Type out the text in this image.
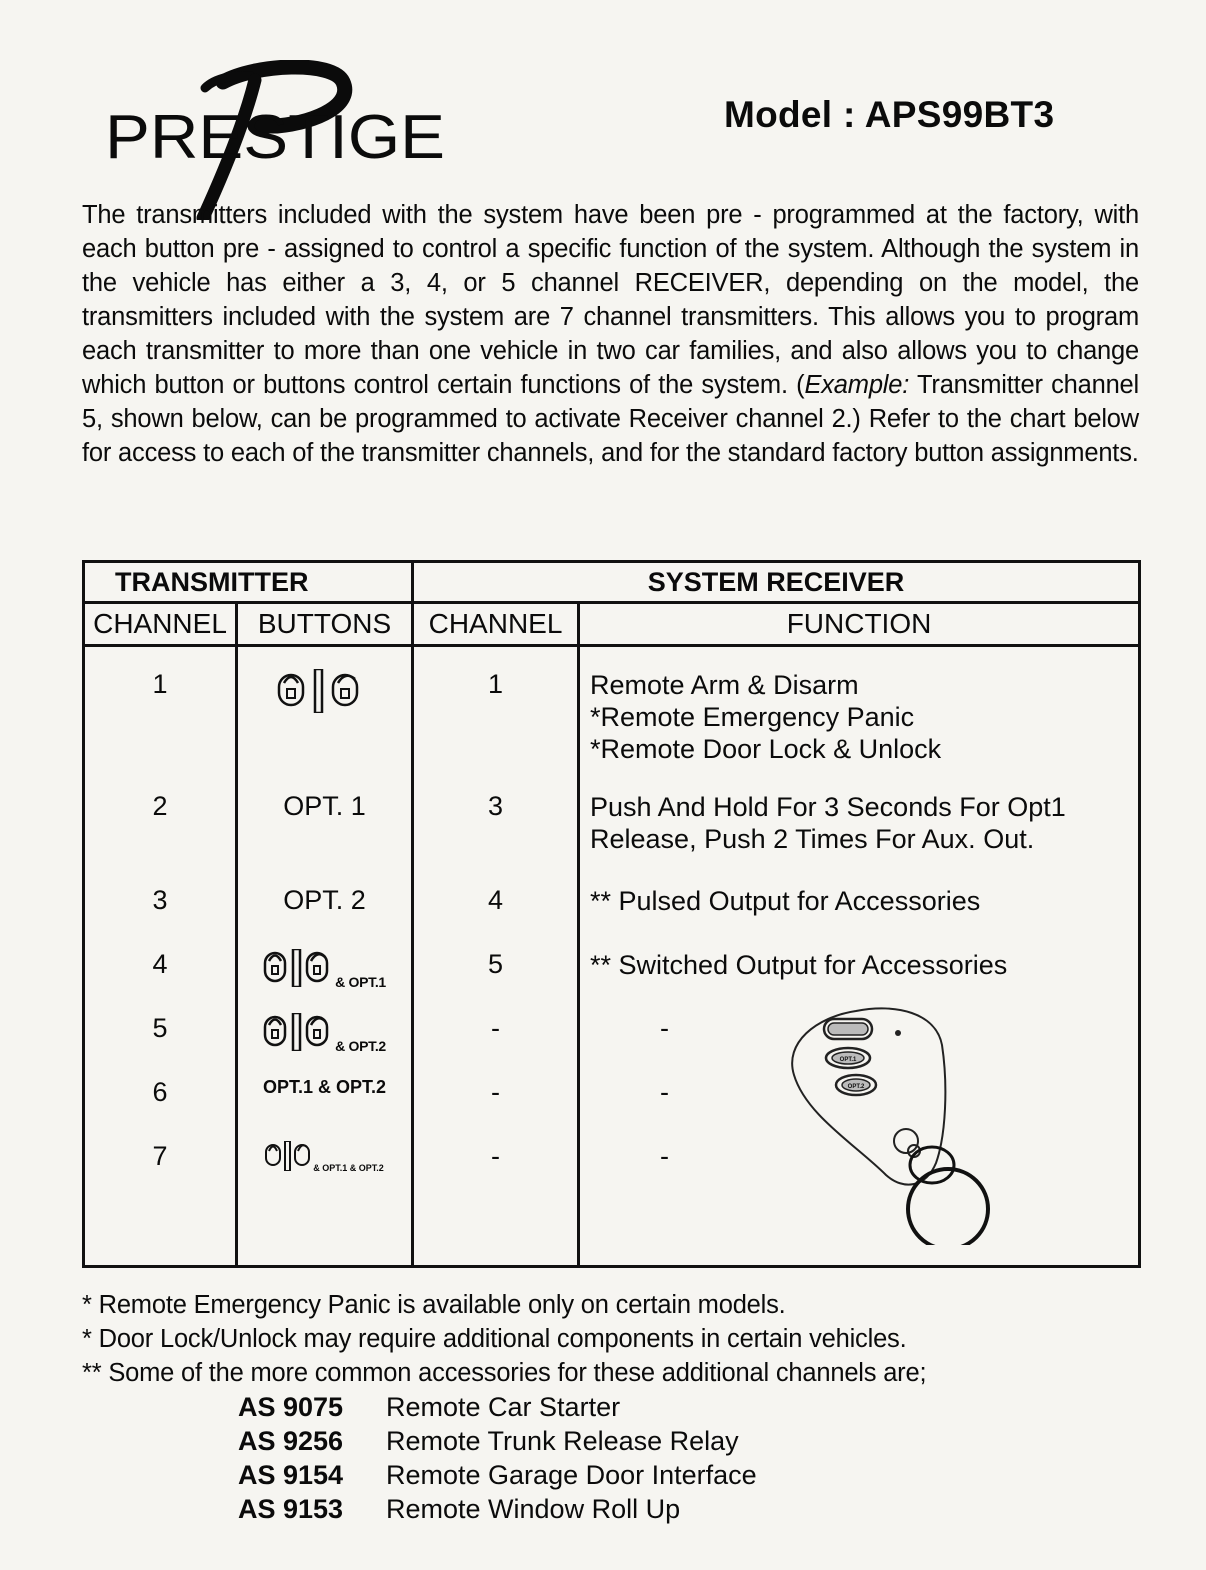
PRESTIGE	Model : APS99BT3
The transmitters included with the system have been pre - programmed at the factory, with each button pre - assigned to control a specific function of the system. Although the system in the vehicle has either a 3, 4, or 5 channel RECEIVER, depending on the model, the transmitters included with the system are 7 channel transmitters. This allows you to program each transmitter to more than one vehicle in two car families, and also allows you to change which button or buttons control certain functions of the system. (Example: Transmitter channel 5, shown below, can be programmed to activate Receiver channel 2.) Refer to the chart below for access to each of the transmitter channels, and for the standard factory button assignments.
TRANSMITTER		SYSTEM RECEIVER	
CHANNEL	BUTTONS	CHANNEL	FUNCTION
1		1	Remote Arm & Disarm
*Remote Emergency Panic
*Remote Door Lock & Unlock

2	OPT. 1	3	Push And Hold For 3 Seconds For Opt1
Release, Push 2 Times For Aux. Out.

3	OPT. 2	4	** Pulsed Output for Accessories

4	& OPT.1	5	** Switched Output for Accessories

5	& OPT.2	-	-
6	OPT.1 & OPT.2	-	-
7	& OPT.1 & OPT.2	-	-

OPT.1
OPT.2
* Remote Emergency Panic is available only on certain models.
* Door Lock/Unlock may require additional components in certain vehicles.
** Some of the more common accessories for these additional channels are;
AS 9075 Remote Car Starter
AS 9256 Remote Trunk Release Relay
AS 9154 Remote Garage Door Interface
AS 9153 Remote Window Roll Up
